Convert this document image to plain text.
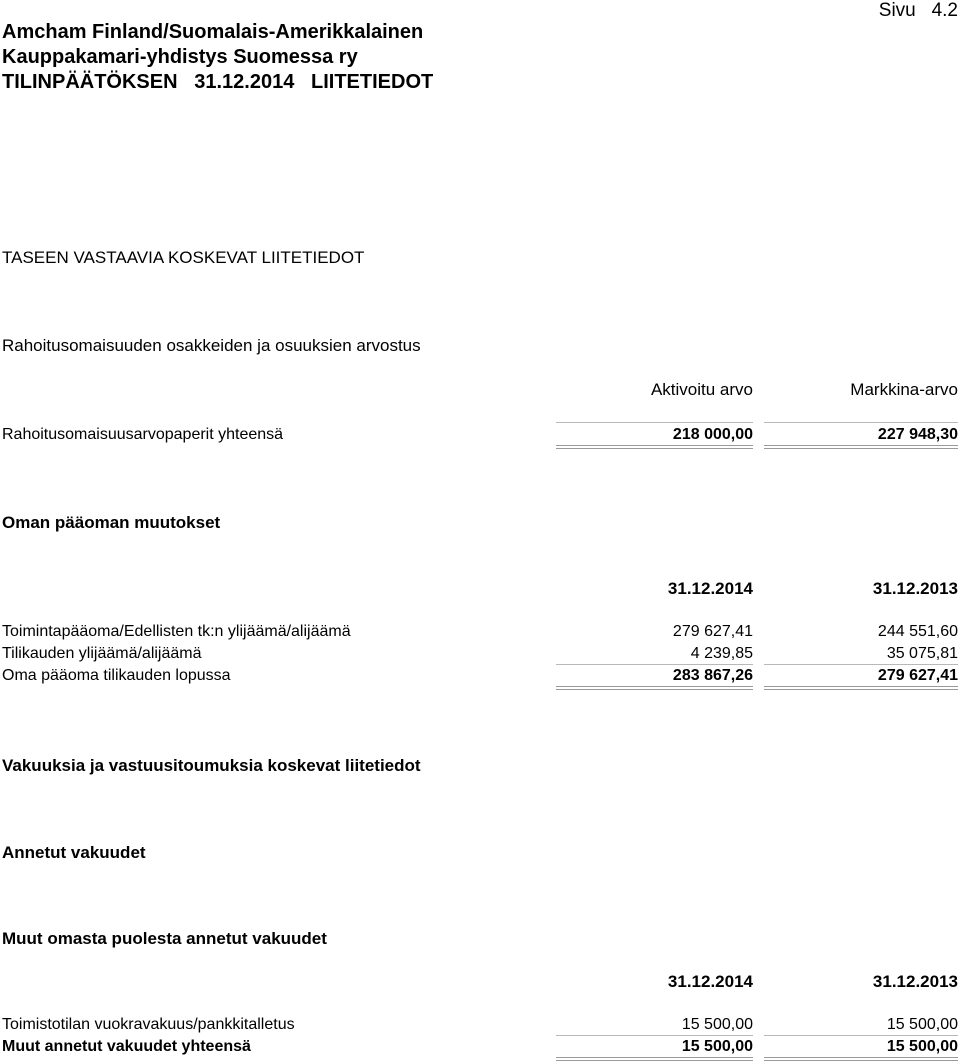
Amcham Finland/Suomalais-Amerikkalainen
Kauppakamari-yhdistys Suomessa ry
TILINPÄÄTÖKSEN   31.12.2014   LIITETIEDOT
Sivu   4.2
TASEEN VASTAAVIA KOSKEVAT LIITETIEDOT
Rahoitusomaisuuden osakkeiden ja osuuksien arvostus
Aktivoitu arvo	Markkina-arvo
Rahoitusomaisuusarvopaperit yhteensä	218 000,00	227 948,30
Oman pääoman muutokset
31.12.2014	31.12.2013
Toimintapääoma/Edellisten tk:n ylijäämä/alijäämä	279 627,41	244 551,60
Tilikauden ylijäämä/alijäämä	4 239,85	35 075,81
Oma pääoma tilikauden lopussa	283 867,26	279 627,41
Vakuuksia ja vastuusitoumuksia koskevat liitetiedot
Annetut vakuudet
Muut omasta puolesta annetut vakuudet
31.12.2014	31.12.2013
Toimistotilan vuokravakuus/pankkitalletus	15 500,00	15 500,00
Muut annetut vakuudet yhteensä	15 500,00	15 500,00
